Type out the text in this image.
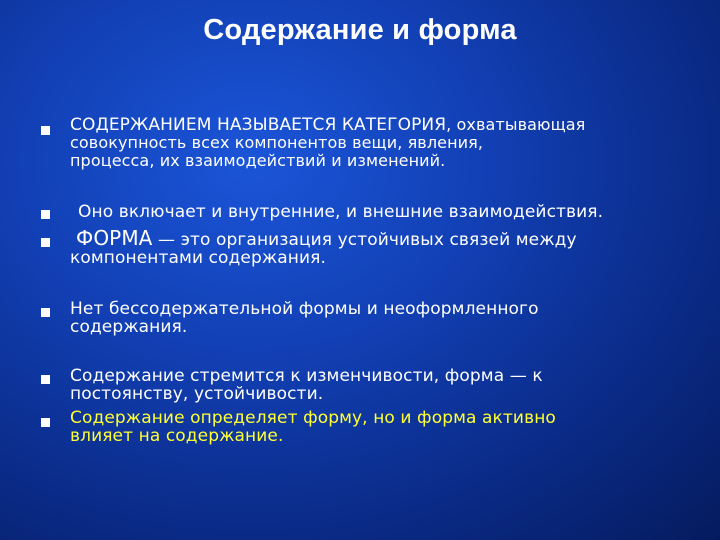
Содержание и форма
СОДЕРЖАНИЕМ НАЗЫВАЕТСЯ КАТЕГОРИЯ, охватывающая
совокупность всех компонентов вещи, явления,
процесса, их взаимодействий и изменений.
Оно включает и внутренние, и внешние взаимодействия.
ФОРМА — это организация устойчивых связей между
компонентами содержания.
Нет бессодержательной формы и неоформленного
содержания.
Содержание стремится к изменчивости, форма — к
постоянству, устойчивости.
Содержание определяет форму, но и форма активно
влияет на содержание.
